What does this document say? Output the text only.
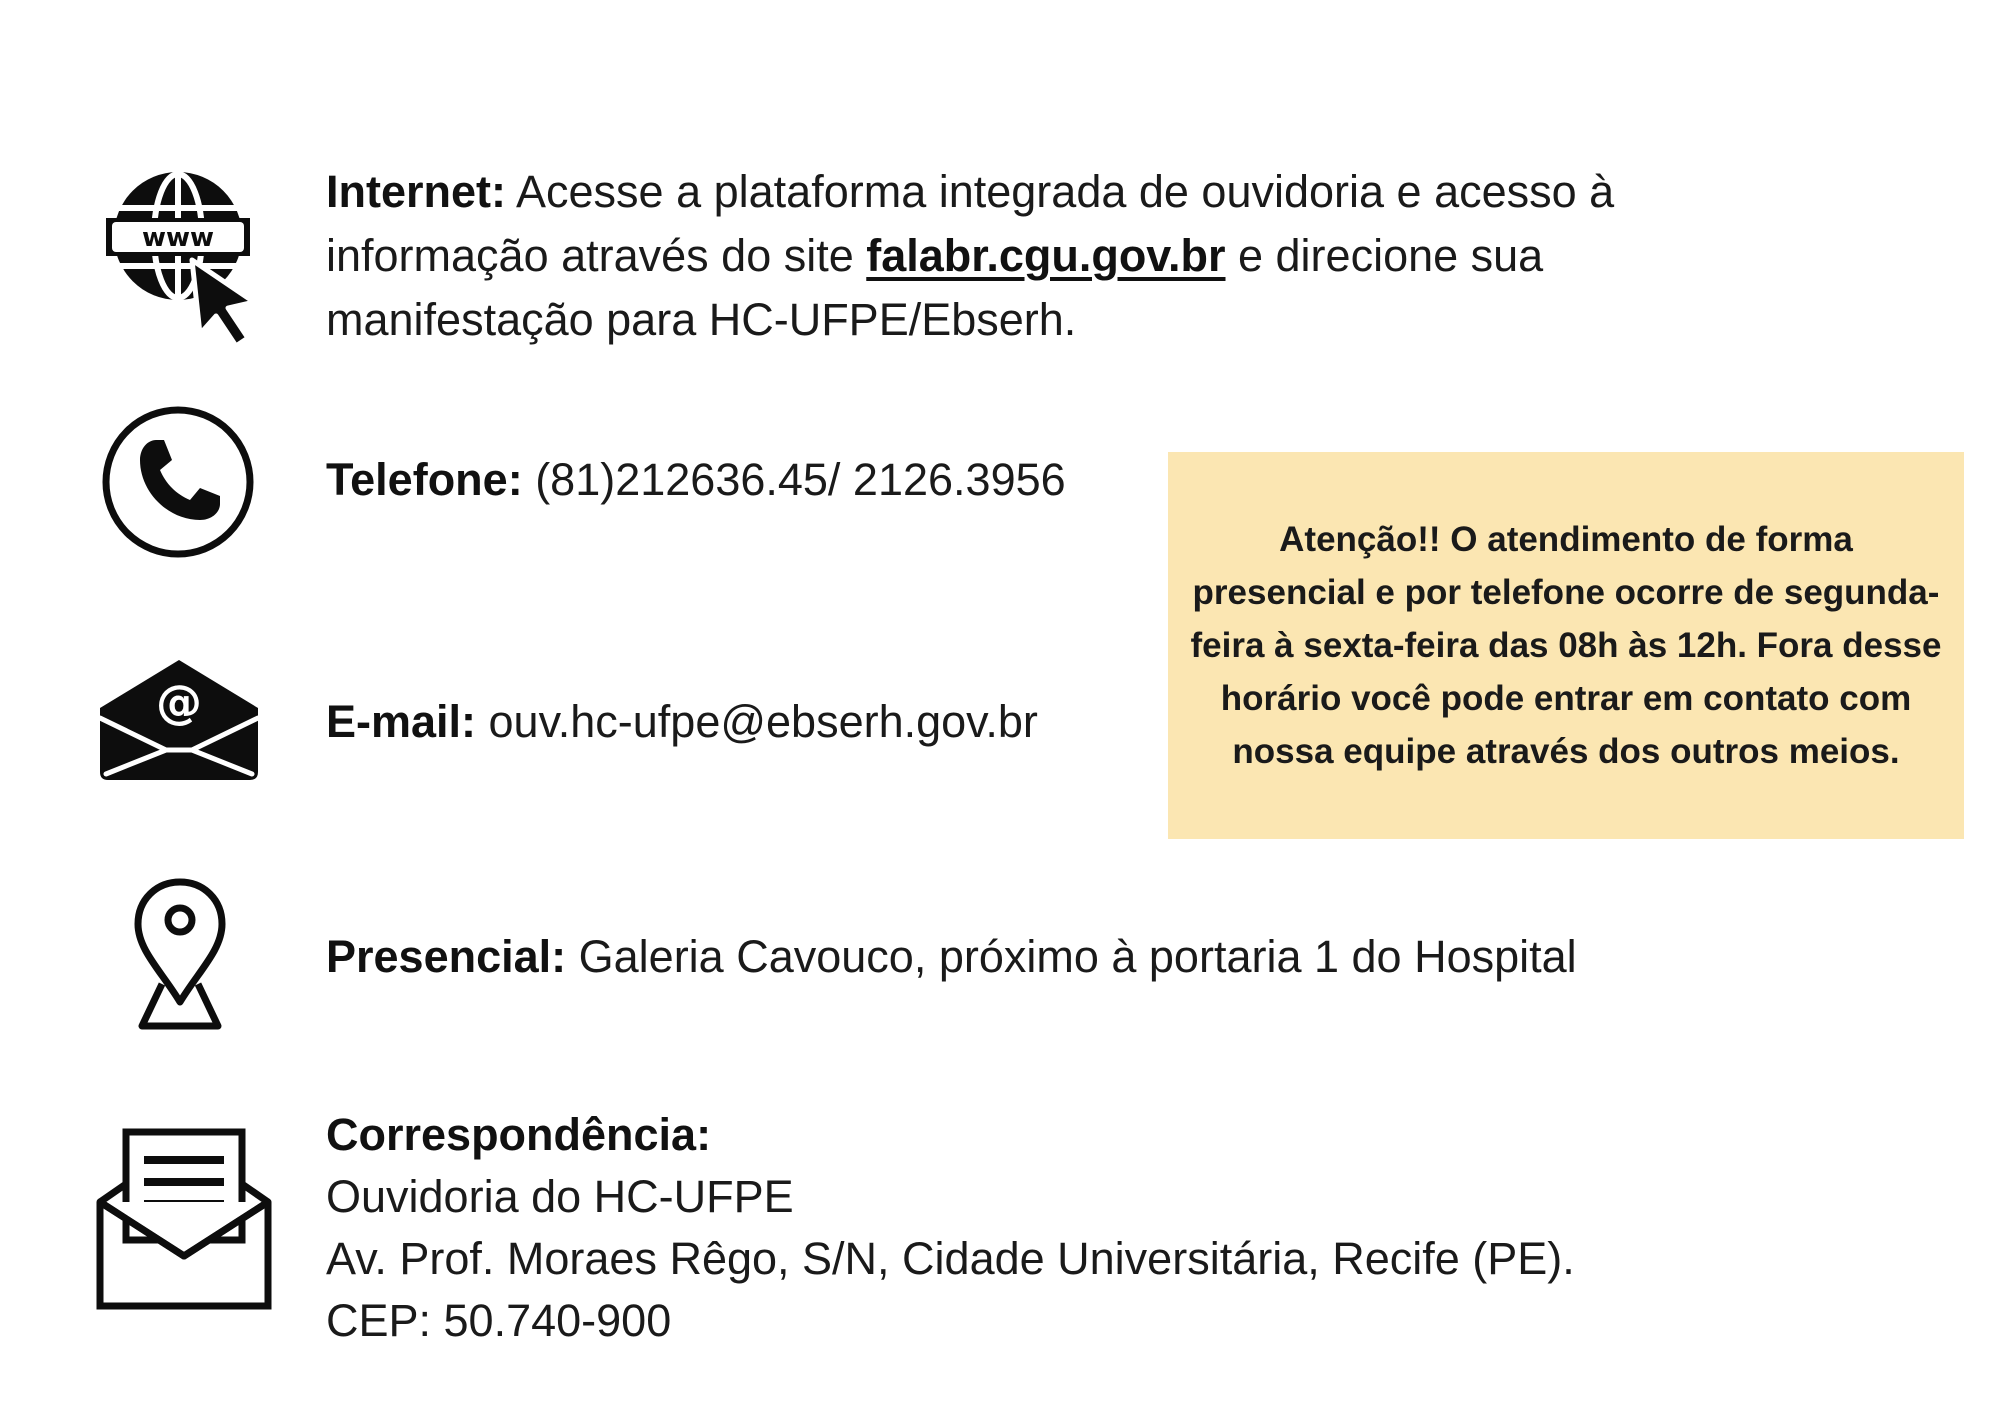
www
Internet: Acesse a plataforma integrada de ouvidoria e acesso à informação através do site falabr.cgu.gov.br e direcione sua manifestação para HC-UFPE/Ebserh.
Telefone: (81)212636.45/ 2126.3956
@	E-mail: ouv.hc-ufpe@ebserh.gov.br
Presencial: Galeria Cavouco, próximo à portaria 1 do Hospital
Correspondência:
Ouvidoria do HC-UFPE
Av. Prof. Moraes Rêgo, S/N, Cidade Universitária, Recife (PE).
CEP: 50.740-900
Atenção!! O atendimento de forma presencial e por telefone ocorre de segunda-feira à sexta-feira das 08h às 12h. Fora desse horário você pode entrar em contato com nossa equipe através dos outros meios.
